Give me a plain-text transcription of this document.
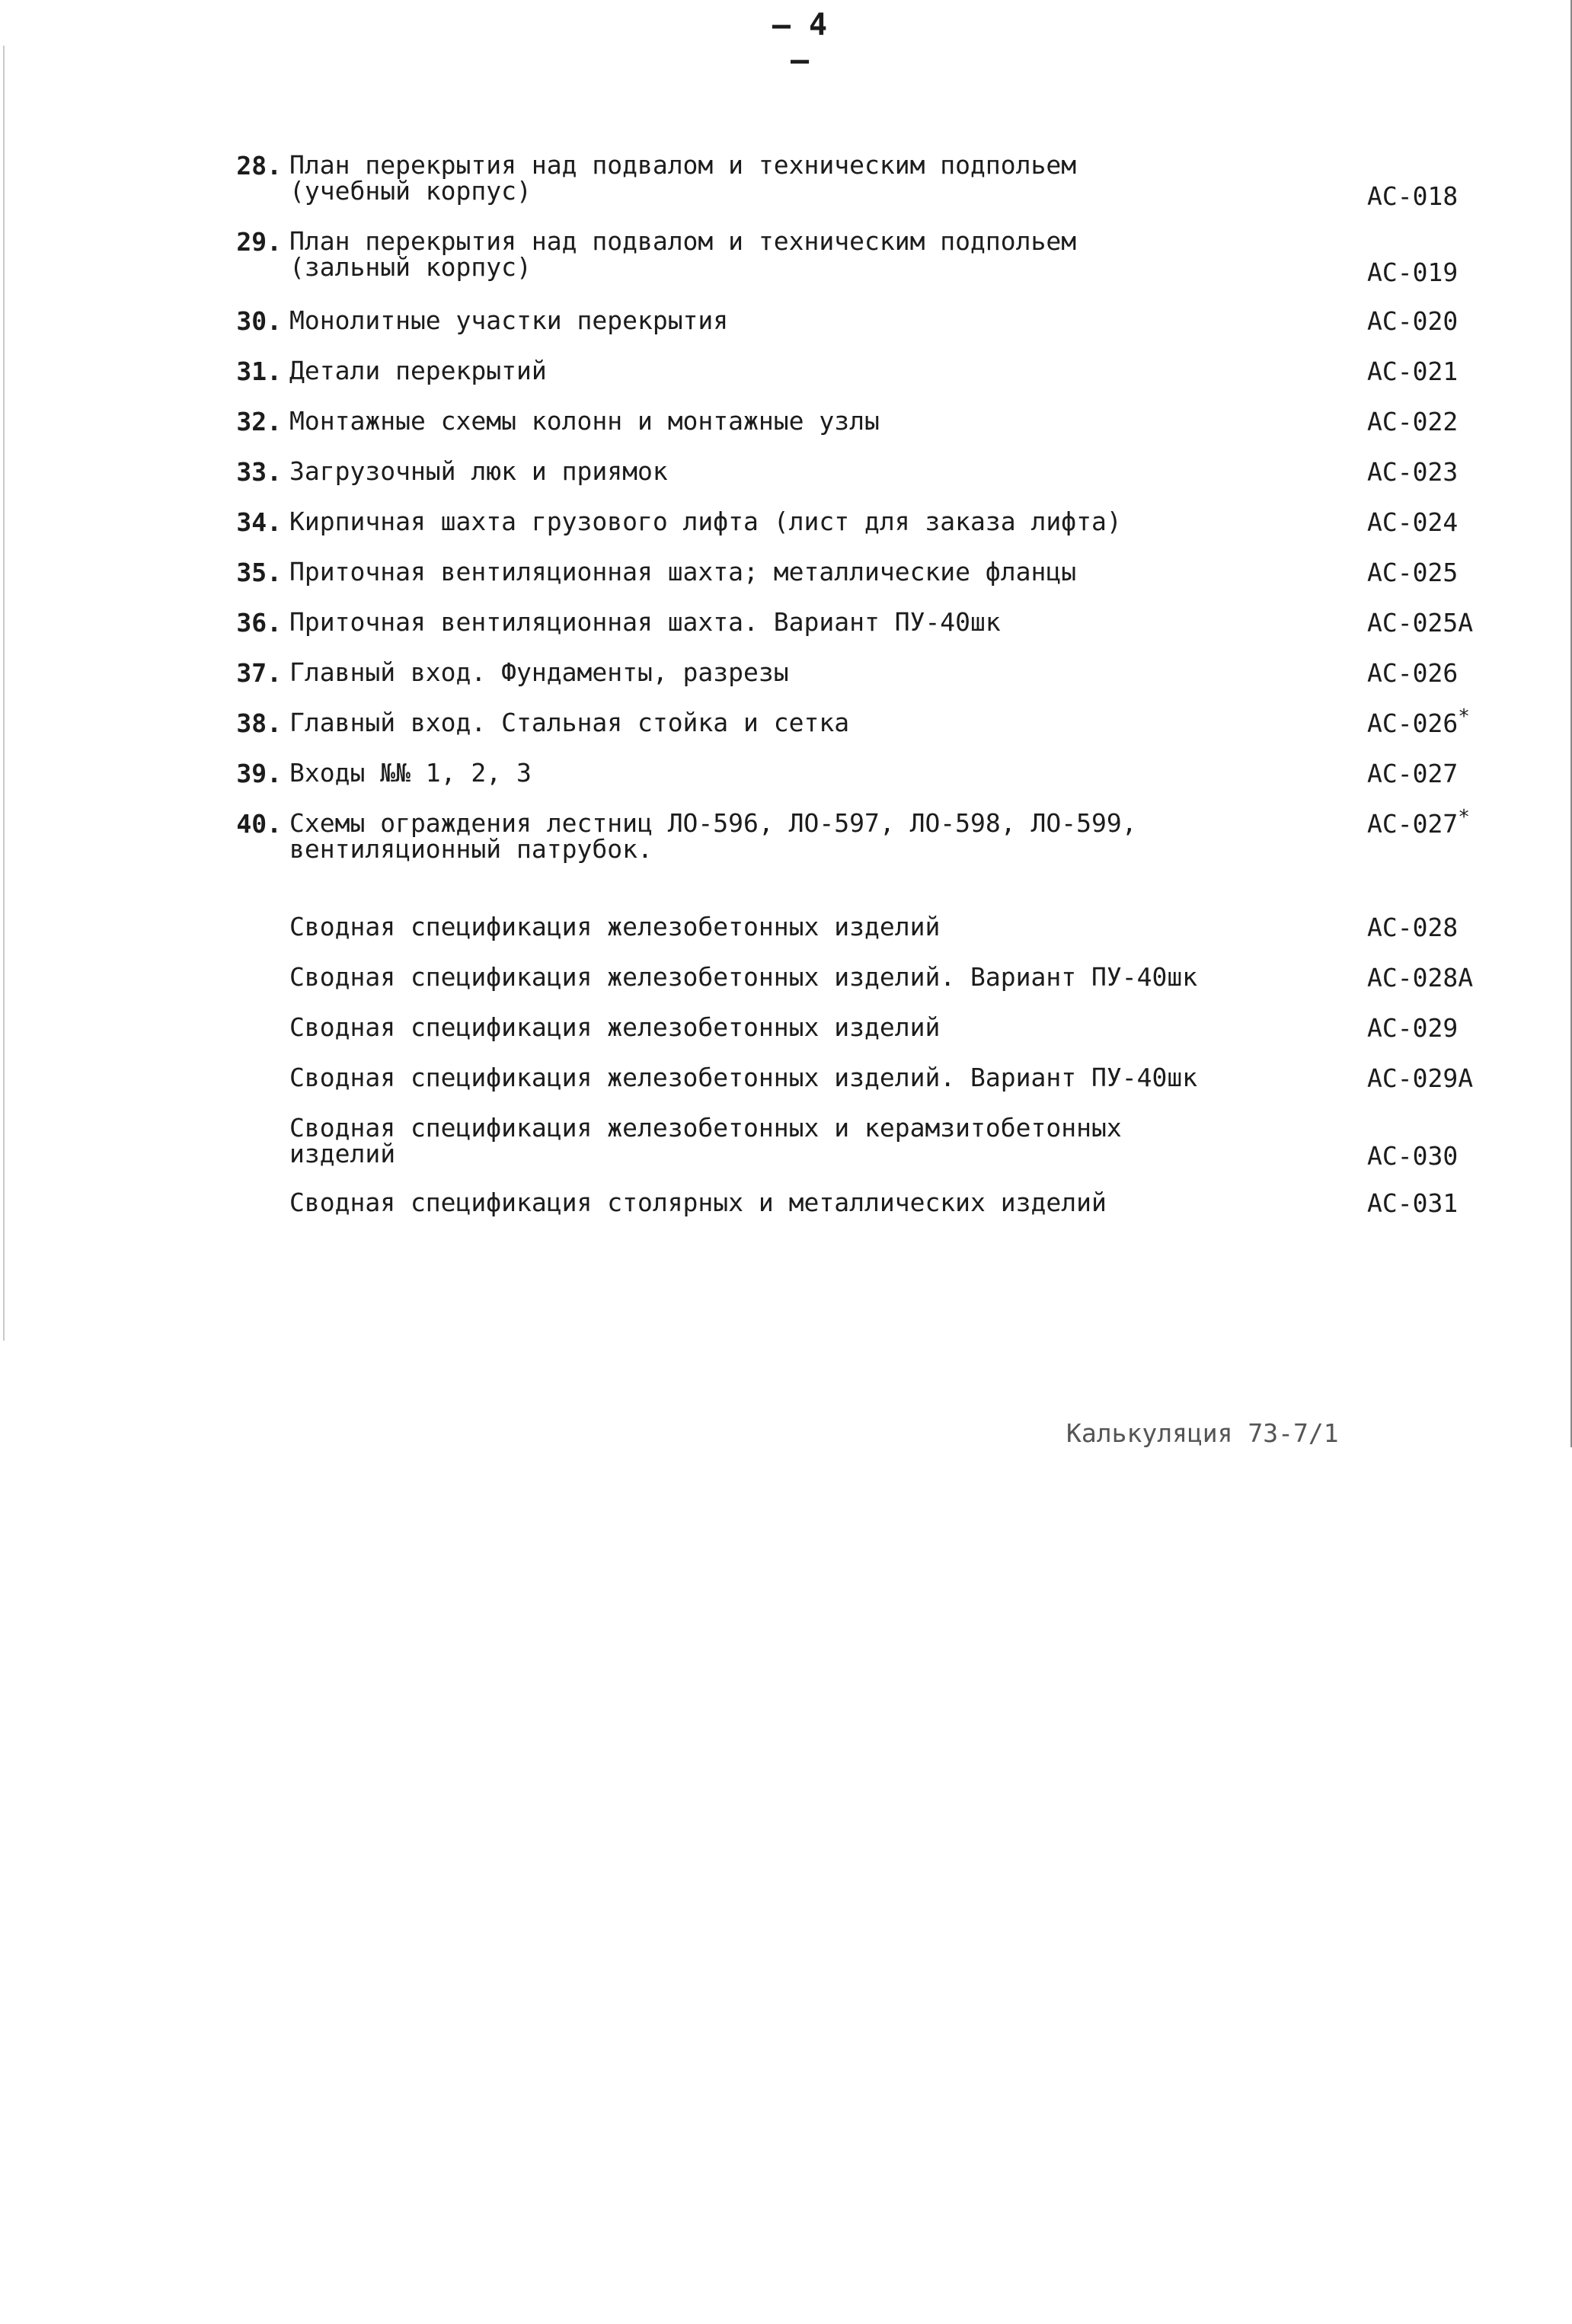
– 4 –
28. План перекрытия над подвалом и техническим подпольем
(учебный корпус)	АС-018
29. План перекрытия над подвалом и техническим подпольем
(зальный корпус)	АС-019
30. Монолитные участки перекрытия	АС-020
31. Детали перекрытий	АС-021
32. Монтажные схемы колонн и монтажные узлы	АС-022
33. Загрузочный люк и приямок	АС-023
34. Кирпичная шахта грузового лифта (лист для заказа лифта)	АС-024
35. Приточная вентиляционная шахта; металлические фланцы	АС-025
36. Приточная вентиляционная шахта. Вариант ПУ-40шк	АС-025А
37. Главный вход. Фундаменты, разрезы	АС-026
38. Главный вход. Стальная стойка и сетка	АС-026*
39. Входы №№ 1, 2, 3	АС-027
40. Схемы ограждения лестниц ЛО-596, ЛО-597, ЛО-598, ЛО-599,
вентиляционный патрубок.
АС-027*
Сводная спецификация железобетонных изделий	АС-028
Сводная спецификация железобетонных изделий. Вариант ПУ-40шк	АС-028А
Сводная спецификация железобетонных изделий	АС-029
Сводная спецификация железобетонных изделий. Вариант ПУ-40шк	АС-029А
Сводная спецификация железобетонных и керамзитобетонных
изделий	АС-030
Сводная спецификация столярных и металлических изделий	АС-031
Калькуляция 73-7/1
